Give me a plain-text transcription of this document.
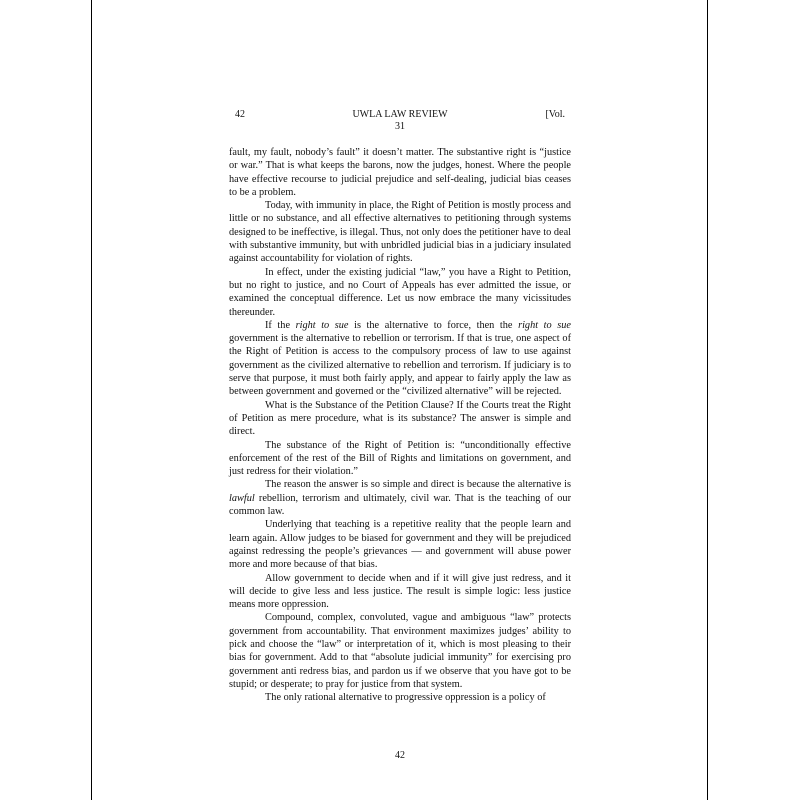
42	UWLA LAW REVIEW	[Vol.
31

fault, my fault, nobody’s fault” it doesn’t matter. The substantive right is “justice or war.” That is what keeps the barons, now the judges, honest. Where the people have effective recourse to judicial prejudice and self-dealing, judicial bias ceases to be a problem.

Today, with immunity in place, the Right of Petition is mostly process and little or no substance, and all effective alternatives to petitioning through systems designed to be ineffective, is illegal. Thus, not only does the petitioner have to deal with substantive immunity, but with unbridled judicial bias in a judiciary insulated against accountability for violation of rights.

In effect, under the existing judicial “law,” you have a Right to Petition, but no right to justice, and no Court of Appeals has ever admitted the issue, or examined the conceptual difference. Let us now embrace the many vicissitudes thereunder.

If the right to sue is the alternative to force, then the right to sue government is the alternative to rebellion or terrorism. If that is true, one aspect of the Right of Petition is access to the compulsory process of law to use against government as the civilized alternative to rebellion and terrorism. If judiciary is to serve that purpose, it must both fairly apply, and appear to fairly apply the law as between government and governed or the “civilized alternative” will be rejected.

What is the Substance of the Petition Clause? If the Courts treat the Right of Petition as mere procedure, what is its substance? The answer is simple and direct.

The substance of the Right of Petition is: “unconditionally effective enforcement of the rest of the Bill of Rights and limitations on government, and just redress for their violation.”

The reason the answer is so simple and direct is because the alternative is lawful rebellion, terrorism and ultimately, civil war. That is the teaching of our common law.

Underlying that teaching is a repetitive reality that the people learn and learn again. Allow judges to be biased for government and they will be prejudiced against redressing the people’s grievances — and government will abuse power more and more because of that bias.

Allow government to decide when and if it will give just redress, and it will decide to give less and less justice. The result is simple logic: less justice means more oppression.

Compound, complex, convoluted, vague and ambiguous “law” protects government from accountability. That environment maximizes judges’ ability to pick and choose the “law” or interpretation of it, which is most pleasing to their bias for government. Add to that “absolute judicial immunity” for exercising pro government anti redress bias, and pardon us if we observe that you have got to be stupid; or desperate; to pray for justice from that system.

The only rational alternative to progressive oppression is a policy of

42
